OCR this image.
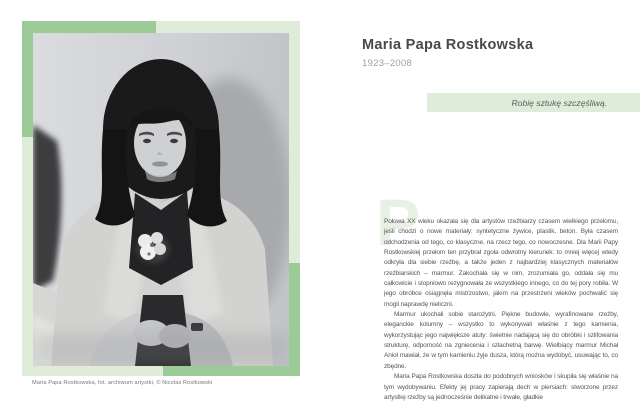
Maria Papa Rostkowska, fot. archiwum artystki, © Nicolas Rostkowski
Maria Papa Rostkowska
1923–2008
Robię sztukę szczęśliwą.
P

Połowa XX wieku okazała się dla artystów rzeźbiarzy czasem wielkiego przełomu, jeśli chodzi o nowe materiały: syntetyczne żywice, plastik, beton. Była czasem odchodzenia od tego, co klasyczne, na rzecz tego, co nowoczesne. Dla Marii Papy Rostkowskiej przełom ten przybrał zgoła odwrotny kierunek: to mniej więcej wtedy odkryła dla siebie rzeźbę, a także jeden z najbardziej klasycznych materiałów rzeźbiarskich – marmur. Zakochała się w nim, zrozumiała go, oddała się mu całkowicie i stopniowo rezygnowała ze wszystkiego innego, co do tej pory robiła. W jego obróbce osiągnęła mistrzostwo, jakim na przestrzeni wieków pochwalić się mogli naprawdę nieliczni.

Marmur ukochali sobie starożytni. Piękne budowle, wyrafinowane rzeźby, eleganckie kolumny – wszystko to wykonywali właśnie z tego kamienia, wykorzystując jego największe atuty: świetnie nadającą się do obróbki i szlifowania strukturę, odporność na zgniecenia i szlachetną barwę. Wielbiący marmur Michał Anioł mawiał, że w tym kamieniu żyje dusza, którą można wydobyć, usuwając to, co zbędne.

Maria Papa Rostkowska doszła do podobnych wniosków i skupiła się właśnie na tym wydobywaniu. Efekty jej pracy zapierają dech w piersiach: stworzone przez artystkę rzeźby są jednocześnie delikatne i trwałe, gładkie
